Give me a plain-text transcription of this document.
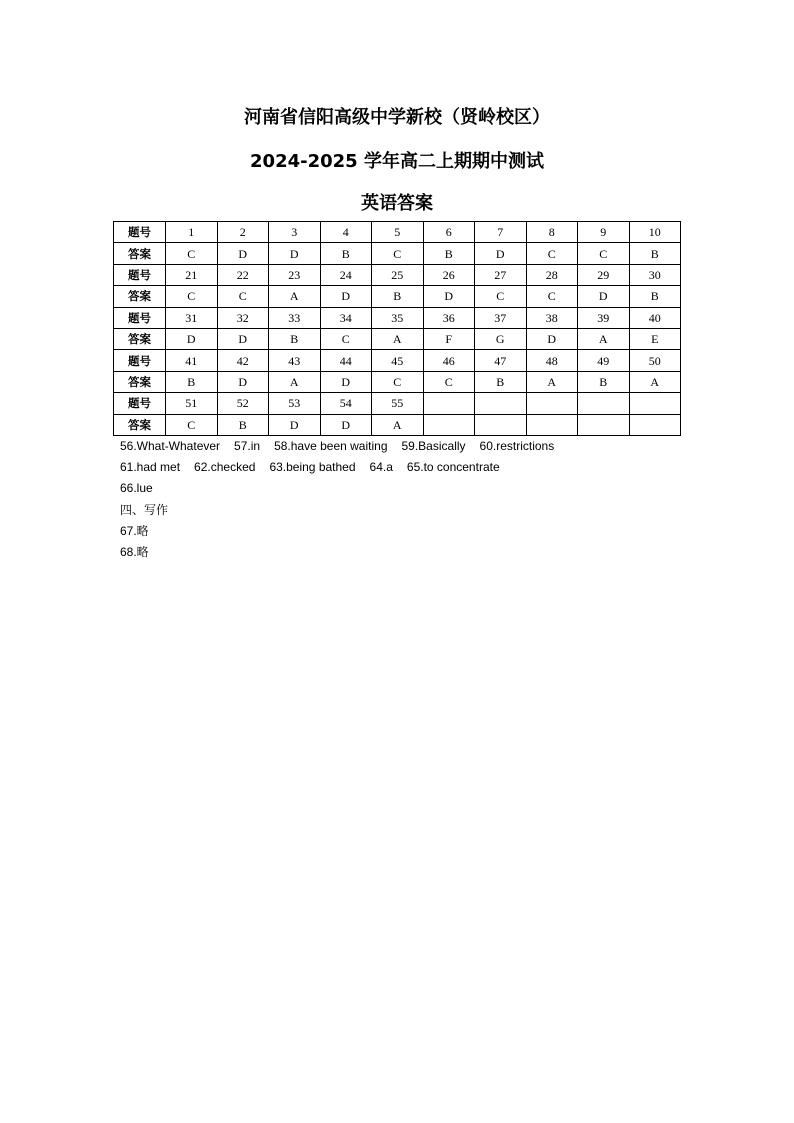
河南省信阳高级中学新校（贤岭校区）
2024-2025 学年高二上期期中测试
英语答案
题号	1	2	3	4	5	6	7	8	9	10
答案	C	D	D	B	C	B	D	C	C	B
题号	21	22	23	24	25	26	27	28	29	30
答案	C	C	A	D	B	D	C	C	D	B
题号	31	32	33	34	35	36	37	38	39	40
答案	D	D	B	C	A	F	G	D	A	E
题号	41	42	43	44	45	46	47	48	49	50
答案	B	D	A	D	C	C	B	A	B	A
题号	51	52	53	54	55					
答案	C	B	D	D	A					
56.What-Whatever 57.in 58.have been waiting 59.Basically 60.restrictions
61.had met 62.checked 63.being bathed 64.a 65.to concentrate
66.lue
四、写作
67.略
68.略
